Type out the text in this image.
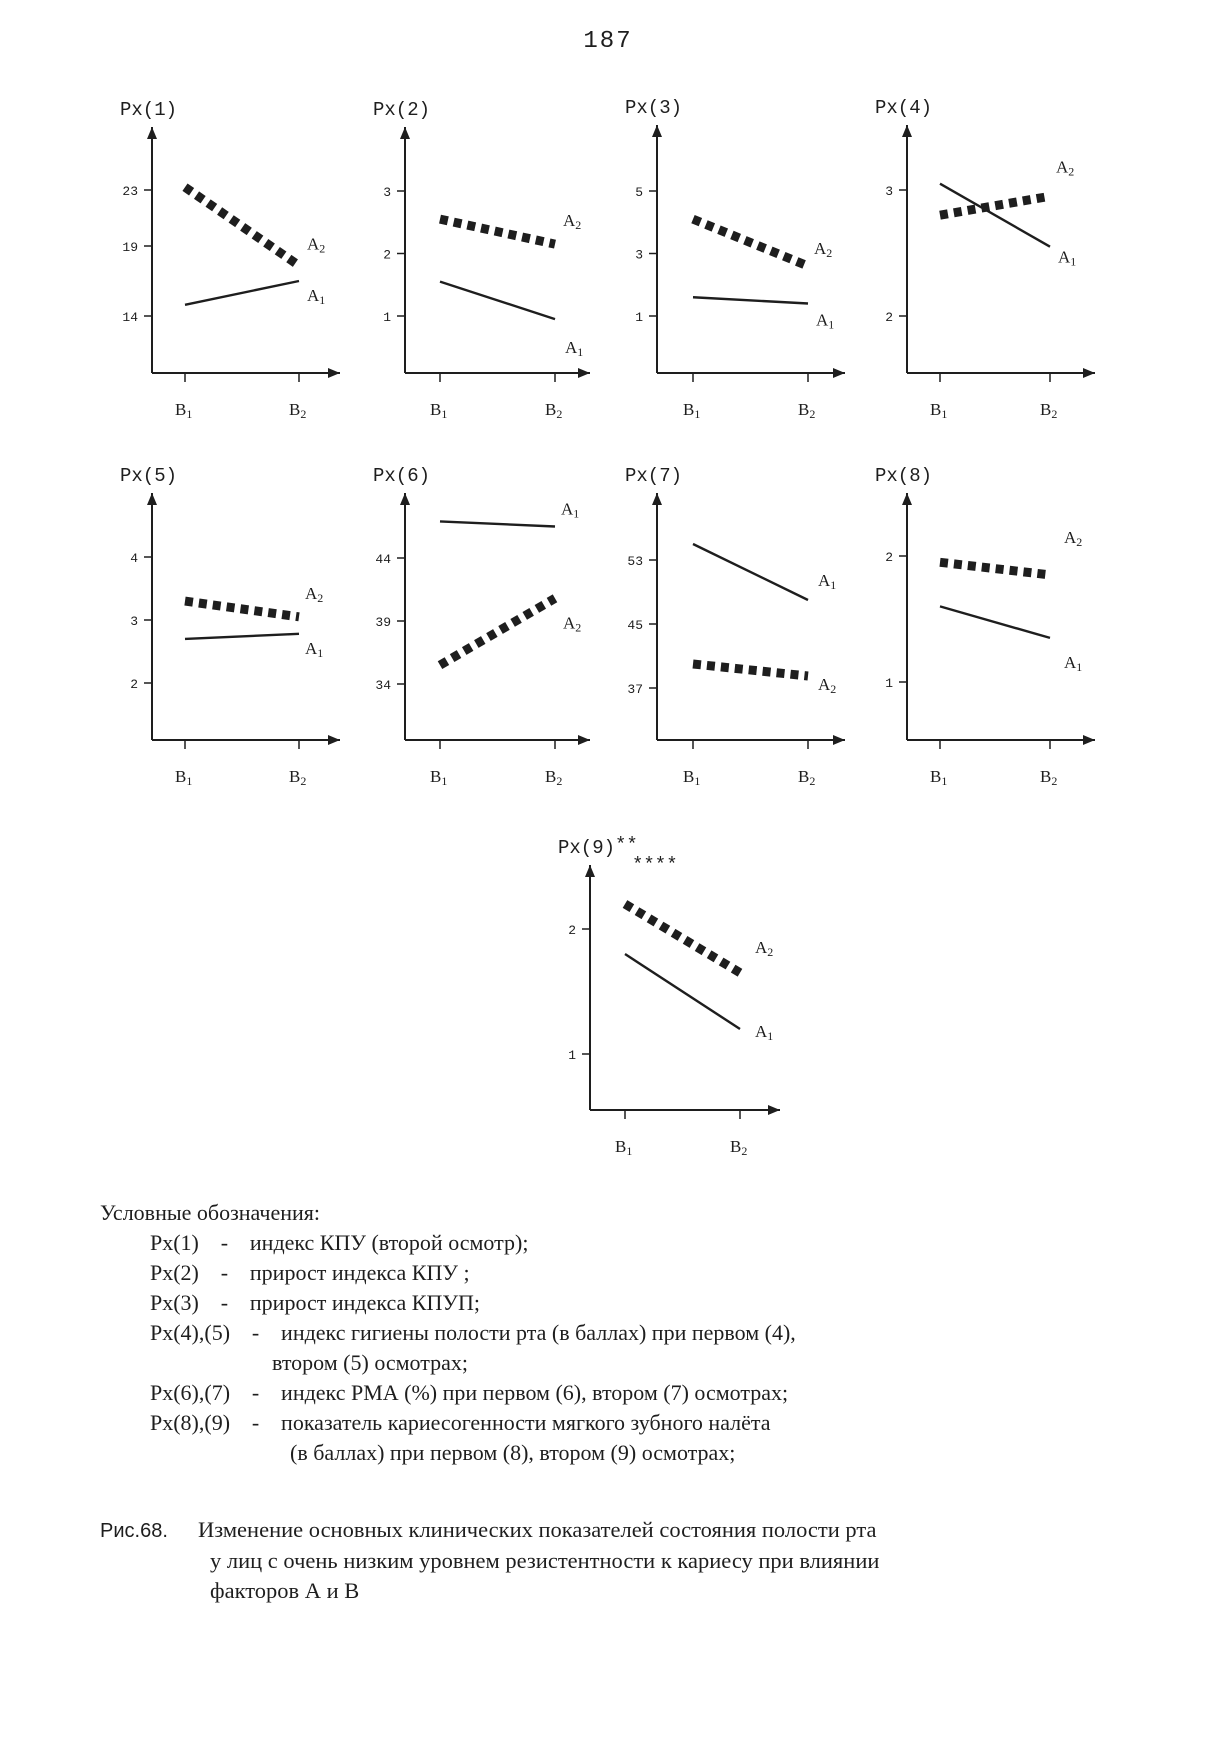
187
Px(1)
14
19
23
B1	B2
A1
A2
Px(2)
1
2
3
B1	B2
A1
A2
Px(3)
1
3
5
B1	B2
A1
A2
Px(4)
2
3
B1	B2
A1
A2
Px(5)
2
3
4
B1	B2
A1
A2
Px(6)
34
39
44
B1	B2
A1
A2
Px(7)
37
45
53
B1	B2
A1
A2
Px(8)
1
2
B1	B2
A1
A2
Px(9) **
****
1
2
B1	B2
A1
A2
Условные обозначения:
Px(1) - индекс КПУ (второй осмотр);
Px(2) - прирост индекса КПУ ;
Px(3) - прирост индекса КПУП;
Px(4),(5) - индекс гигиены полости рта (в баллах) при первом (4),
втором (5) осмотрах;
Px(6),(7) - индекс РМА (%) при первом (6), втором (7) осмотрах;
Px(8),(9) - показатель кариесогенности мягкого зубного налёта
(в баллах) при первом (8), втором (9) осмотрах;
Рис.68. Изменение основных клинических показателей состояния полости рта
у лиц с очень низким уровнем резистентности к кариесу при влиянии
факторов А и В
